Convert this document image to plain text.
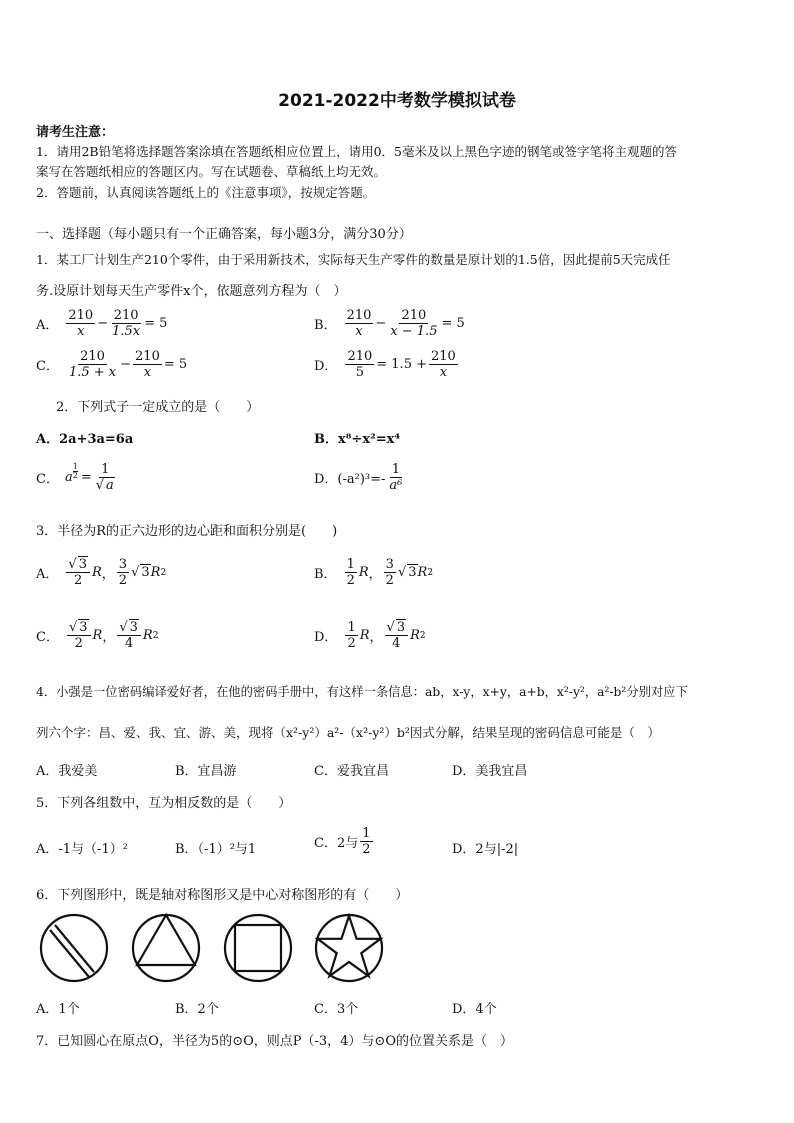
2021-2022中考数学模拟试卷
请考生注意：
1．请用2B铅笔将选择题答案涂填在答题纸相应位置上，请用0．5毫米及以上黑色字迹的钢笔或签字笔将主观题的答
案写在答题纸相应的答题区内。写在试题卷、草稿纸上均无效。
2．答题前，认真阅读答题纸上的《注意事项》，按规定答题。
一、选择题（每小题只有一个正确答案，每小题3分，满分30分）
1．某工厂计划生产210个零件，由于采用新技术，实际每天生产零件的数量是原计划的1.5倍，因此提前5天完成任
务.设原计划每天生产零件x个，依题意列方程为（　）
A． $\frac{210}{x} - \frac{210}{1.5x} = 5$	B． $\frac{210}{x} - \frac{210}{x - 1.5} = 5$
C． $\frac{210}{1.5 + x} - \frac{210}{x} = 5$	D． $\frac{210}{5} = 1.5 + \frac{210}{x}$
2．下列式子一定成立的是（　　）
A．2a+3a=6a	B．x⁸÷x²=x⁴
C． a $\frac{1}{2} = \frac{1}{√ a}$	D．$(-a^2)^3=- \frac{1}{\text{a⁶}}$
3．半径为R的正六边形的边心距和面积分别是(　　)
A． $\frac{√ 3}{2}$ R ， $\frac{3}{2}$ √ 3 R 2	B． $\frac{1}{2}$ R ， $\frac{3}{2}$ √ 3 R 2
C． $\frac{√ 3}{2}$ R ， $\frac{√ 3}{4}$ R 2	D． $\frac{1}{2}$ R ， $\frac{√ 3}{4}$ R 2
4．小强是一位密码编译爱好者，在他的密码手册中，有这样一条信息：ab，x-y，x+y，a+b，x²-y²，a²-b²分别对应下
列六个字：昌、爱、我、宜、游、美，现将（x²-y²）a²-（x²-y²）b²因式分解，结果呈现的密码信息可能是（　）
A．我爱美	B．宜昌游	C．爱我宜昌	D．美我宜昌
5．下列各组数中，互为相反数的是（　　）
A．-1与（-1）²	B．（-1）²与1	C．2与 $\frac{1}{2}$	D．2与|-2|
6．下列图形中，既是轴对称图形又是中心对称图形的有（　　）
A．1个	B．2个	C．3个	D．4个
7．已知圆心在原点O，半径为5的⊙O，则点P（-3，4）与⊙O的位置关系是（　）
